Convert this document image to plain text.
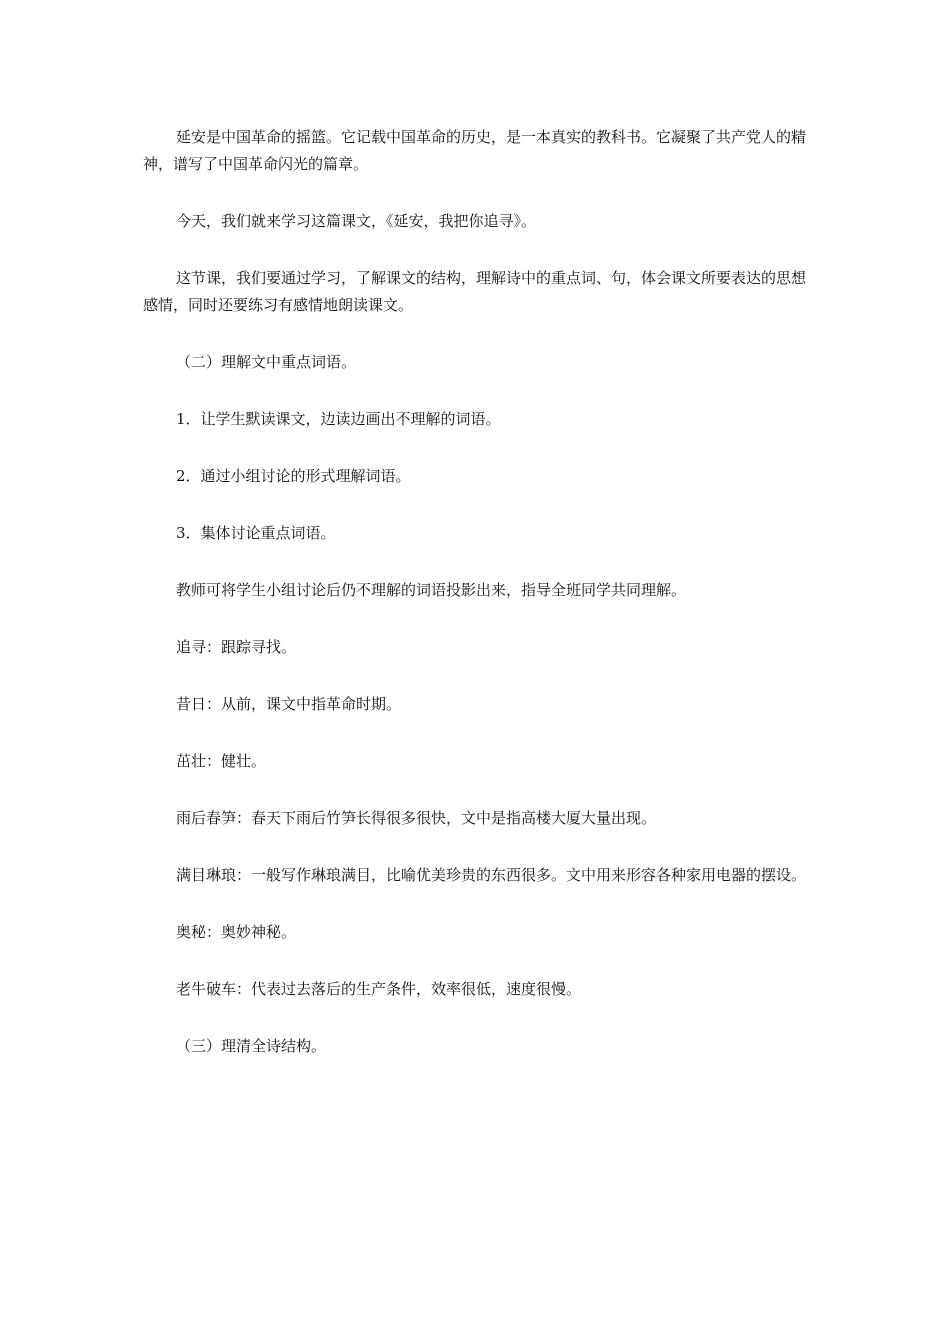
延安是中国革命的摇篮。它记载中国革命的历史，是一本真实的教科书。它凝聚了共产党人的精神，谱写了中国革命闪光的篇章。

今天，我们就来学习这篇课文，《延安，我把你追寻》。

这节课，我们要通过学习，了解课文的结构，理解诗中的重点词、句，体会课文所要表达的思想感情，同时还要练习有感情地朗读课文。

（二）理解文中重点词语。

1．让学生默读课文，边读边画出不理解的词语。

2．通过小组讨论的形式理解词语。

3．集体讨论重点词语。

教师可将学生小组讨论后仍不理解的词语投影出来，指导全班同学共同理解。

追寻：跟踪寻找。

昔日：从前，课文中指革命时期。

茁壮：健壮。

雨后春笋：春天下雨后竹笋长得很多很快，文中是指高楼大厦大量出现。

满目琳琅：一般写作琳琅满目，比喻优美珍贵的东西很多。文中用来形容各种家用电器的摆设。

奥秘：奥妙神秘。

老牛破车：代表过去落后的生产条件，效率很低，速度很慢。

（三）理清全诗结构。
